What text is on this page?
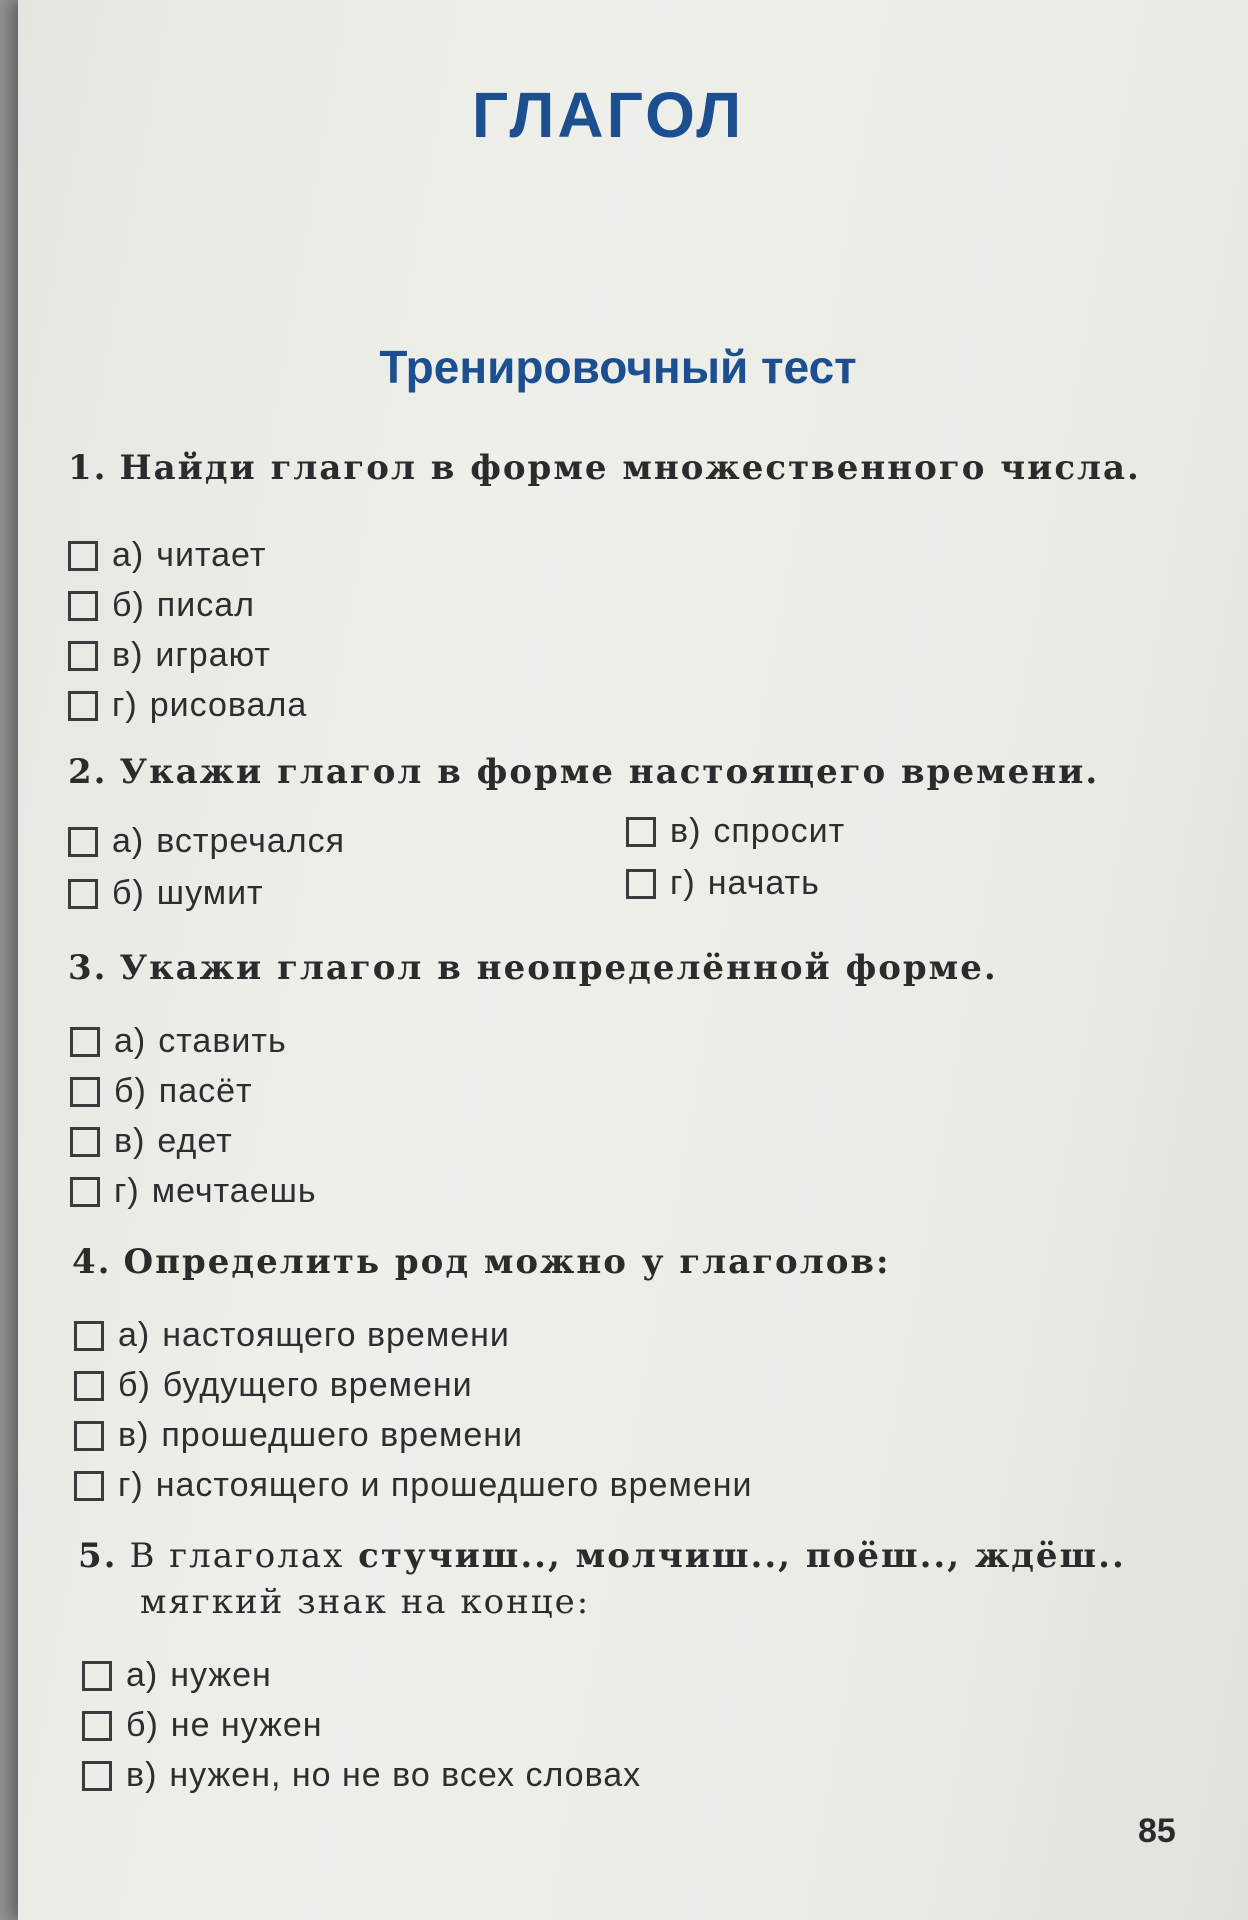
ГЛАГОЛ
Тренировочный тест
1. Найди глагол в форме множественного числа.
а) читает
б) писал
в) играют
г) рисовала
2. Укажи глагол в форме настоящего времени.
а) встречался
б) шумит
в) спросит
г) начать
3. Укажи глагол в неопределённой форме.
а) ставить
б) пасёт
в) едет
г) мечтаешь
4. Определить род можно у глаголов:
а) настоящего времени
б) будущего времени
в) прошедшего времени
г) настоящего и прошедшего времени
5. В глаголах стучиш.., молчиш.., поёш.., ждёш..
мягкий знак на конце:
а) нужен
б) не нужен
в) нужен, но не во всех словах
85
